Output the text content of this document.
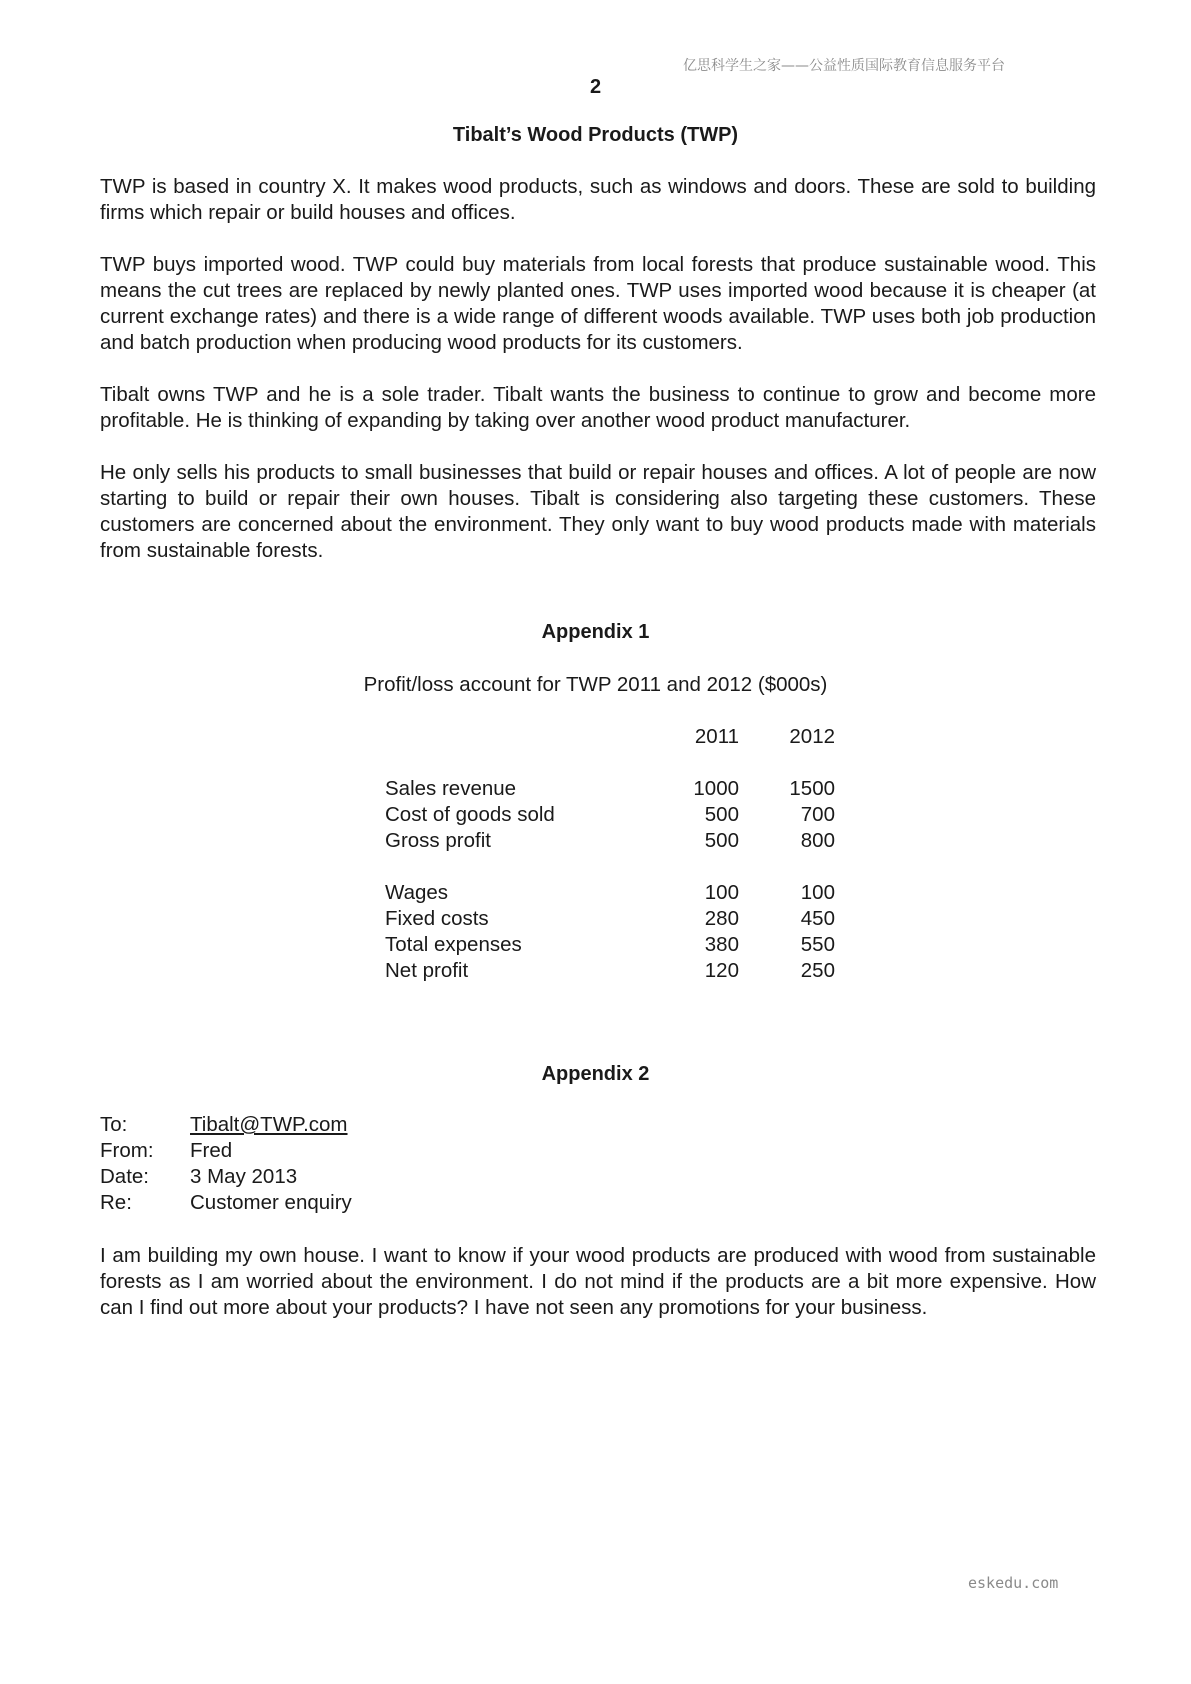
亿思科学生之家——公益性质国际教育信息服务平台
2
Tibalt’s Wood Products (TWP)

TWP is based in country X. It makes wood products, such as windows and doors. These are sold to building firms which repair or build houses and offices.

TWP buys imported wood. TWP could buy materials from local forests that produce sustainable wood. This means the cut trees are replaced by newly planted ones. TWP uses imported wood because it is cheaper (at current exchange rates) and there is a wide range of different woods available. TWP uses both job production and batch production when producing wood products for its customers.

Tibalt owns TWP and he is a sole trader. Tibalt wants the business to continue to grow and become more profitable. He is thinking of expanding by taking over another wood product manufacturer.

He only sells his products to small businesses that build or repair houses and offices. A lot of people are now starting to build or repair their own houses. Tibalt is considering also targeting these customers. These customers are concerned about the environment. They only want to buy wood products made with materials from sustainable forests.

Appendix 1
Profit/loss account for TWP 2011 and 2012 ($000s)
	2011	2012

Sales revenue	1000	1500
Cost of goods sold	500	700
Gross profit	500	800

Wages	100	100
Fixed costs	280	450
Total expenses	380	550
Net profit	120	250
Appendix 2
To:	Tibalt@TWP.com
From:	Fred
Date:	3 May 2013
Re:	Customer enquiry

I am building my own house. I want to know if your wood products are produced with wood from sustainable forests as I am worried about the environment. I do not mind if the products are a bit more expensive. How can I find out more about your products? I have not seen any promotions for your business.

eskedu.com
